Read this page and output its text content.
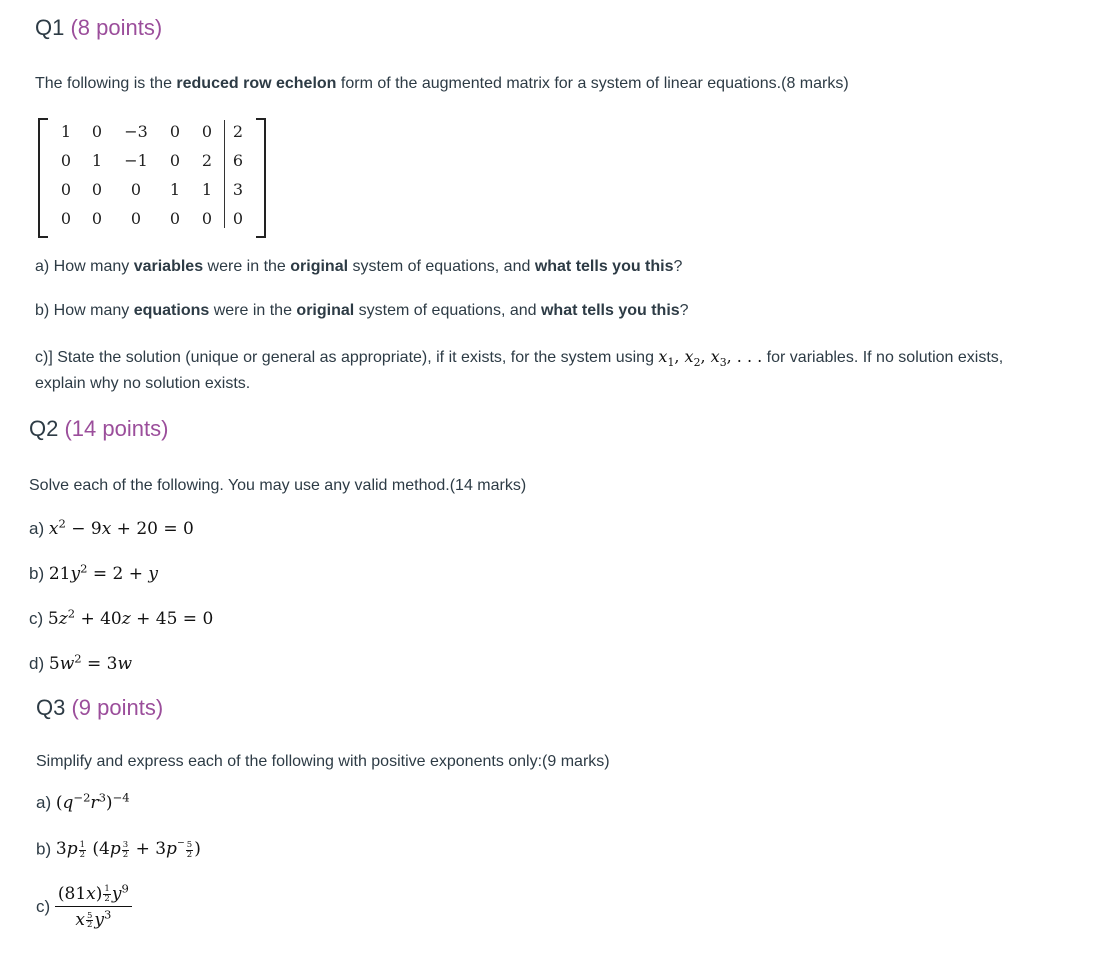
Q1 (8 points)
The following is the reduced row echelon form of the augmented matrix for a system of linear equations.(8 marks)
1	0	−3	0	0	2
0	1	−1	0	2	6
0	0	0	1	1	3
0	0	0	0	0	0
a) How many variables were in the original system of equations, and what tells you this?
b) How many equations were in the original system of equations, and what tells you this?
c)] State the solution (unique or general as appropriate), if it exists, for the system using $x_1$, $x_2$, $x_3$, . . . for variables. If no solution exists,
explain why no solution exists.
Q2 (14 points)
Solve each of the following. You may use any valid method.(14 marks)
a) $x^2 - 9x + 20 = 0$
b) $21y^2 = 2 + y$
c) $5z^2 + 40z + 45 = 0$
d) $5w^2 = 3w$
Q3 (9 points)
Simplify and express each of the following with positive exponents only:(9 marks)
a) $(q^{-2}r^3)^{-4}$
b) $3p \frac{1}{2} (4p \frac{3}{2} + 3p^- \frac{5}{2}$ )
c)
$\frac{(81x) \frac{1}{2} y^9}{x \frac{5}{2} y^3}$
